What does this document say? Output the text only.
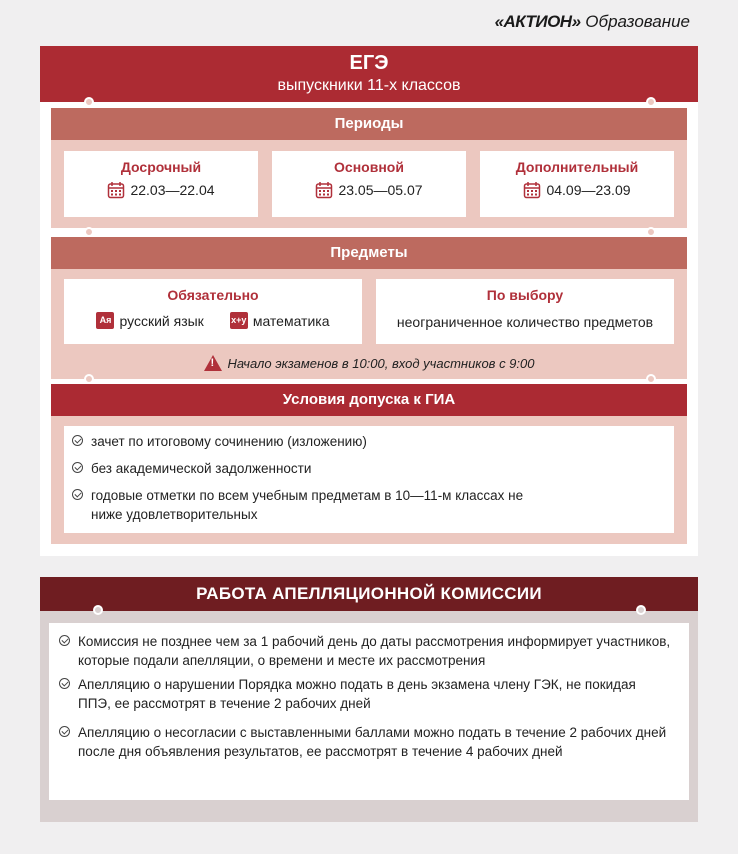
«АКТИОН» Образование
ЕГЭ
выпускники 11-х классов
Периоды
Досрочный
22.03—22.04
Основной
23.05—05.07
Дополнительный
04.09—23.09
Предметы
Обязательно
Ая русский язык	x+y математика
По выбору
неограниченное количество предметов
!
Начало экзаменов в 10:00, вход участников с 9:00
Условия допуска к ГИА
зачет по итоговому сочинению (изложению)
без академической задолженности
годовые отметки по всем учебным предметам в 10—11-м классах не ниже удовлетворительных
РАБОТА АПЕЛЛЯЦИОННОЙ КОМИССИИ
Комиссия не позднее чем за 1 рабочий день до даты рассмотрения информирует участников, которые подали апелляции, о времени и месте их рассмотрения
Апелляцию о нарушении Порядка можно подать в день экзамена члену ГЭК, не покидая ППЭ, ее рассмотрят в течение 2 рабочих дней
Апелляцию о несогласии с выставленными баллами можно подать в течение 2 рабочих дней после дня объявления результатов, ее рассмотрят в течение 4 рабочих дней
